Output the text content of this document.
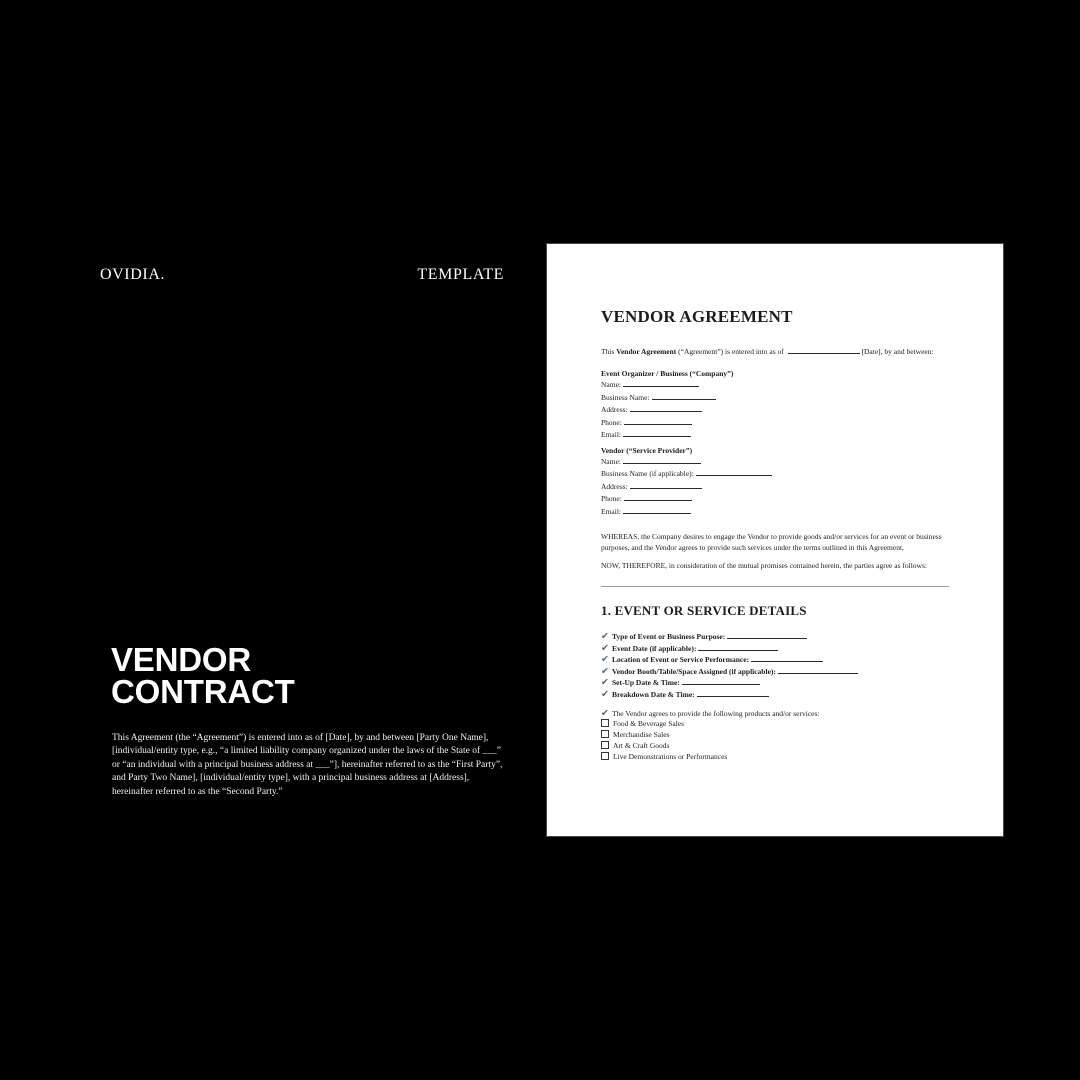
OVIDIA.	TEMPLATE
VENDOR
CONTRACT

This Agreement (the “Agreement”) is entered into as of [Date], by and between [Party One Name], [individual/entity type, e.g., “a limited liability company organized under the laws of the State of ___” or “an individual with a principal business address at ___”], hereinafter referred to as the “First Party”, and Party Two Name], [individual/entity type], with a principal business address at [Address], hereinafter referred to as the “Second Party.”

VENDOR AGREEMENT

This Vendor Agreement (“Agreement”) is entered into as of	[Date], by and between:

Event Organizer / Business (“Company”)

Name:
Business Name:
Address:
Phone:
Email:

Vendor (“Service Provider”)

Name:
Business Name (if applicable):
Address:
Phone:
Email:

WHEREAS, the Company desires to engage the Vendor to provide goods and/or services for an event or business purposes, and the Vendor agrees to provide such services under the terms outlined in this Agreement,

NOW, THEREFORE, in consideration of the mutual promises contained herein, the parties agree as follows:

1. EVENT OR SERVICE DETAILS
✔ Type of Event or Business Purpose:
✔ Event Date (if applicable):
✔ Location of Event or Service Performance:
✔ Vendor Booth/Table/Space Assigned (if applicable):
✔ Set-Up Date & Time:
✔ Breakdown Date & Time:
✔ The Vendor agrees to provide the following products and/or services:
Food & Beverage Sales
Merchandise Sales
Art & Craft Goods
Live Demonstrations or Performances
